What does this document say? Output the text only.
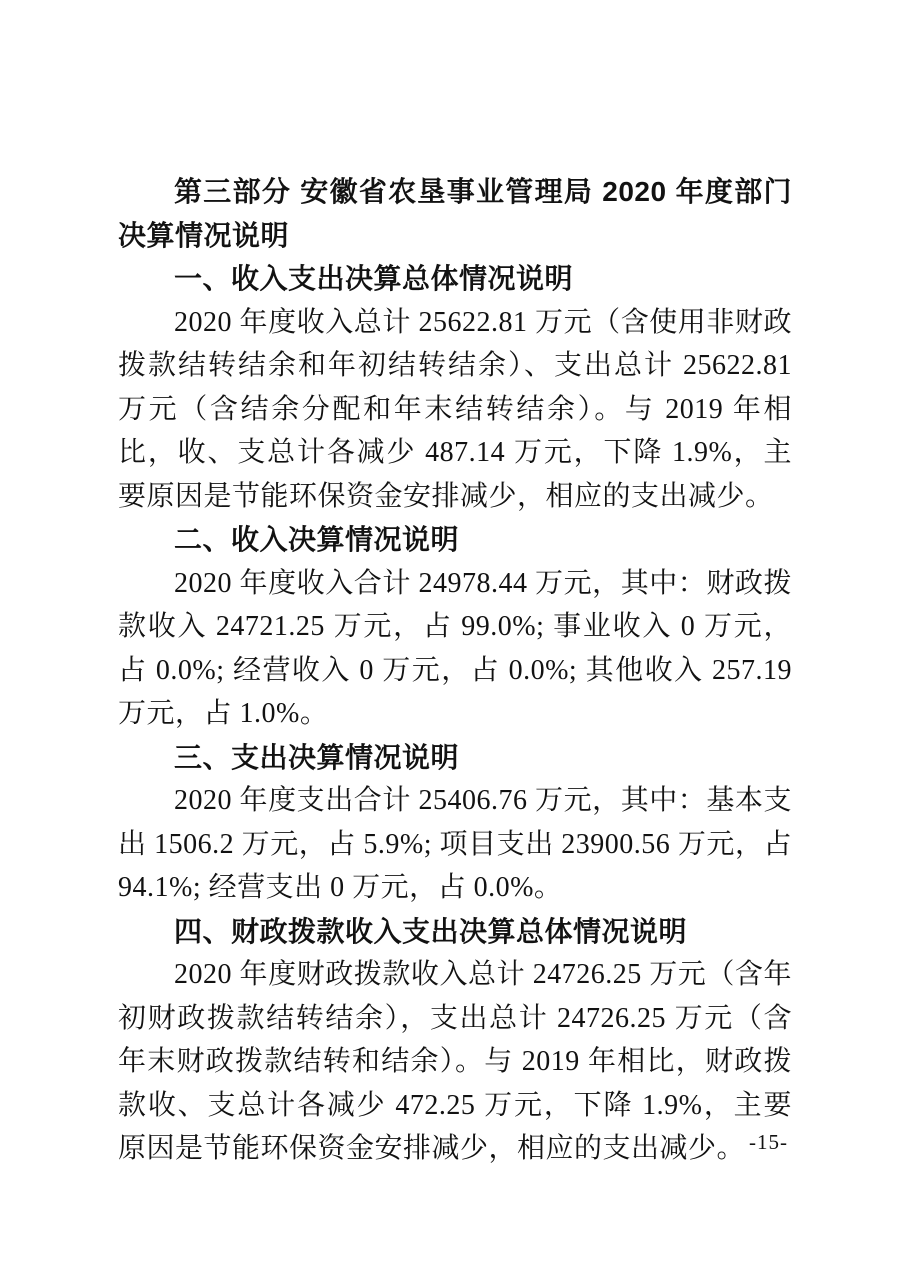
第三部分 安徽省农垦事业管理局 2020 年度部门决算情况说明

一、收入支出决算总体情况说明

2020 年度收入总计 25622.81 万元（含使用非财政拨款结转结余和年初结转结余）、支出总计 25622.81 万元（含结余分配和年末结转结余）。与 2019 年相比，收、支总计各减少 487.14 万元，下降 1.9%，主要原因是节能环保资金安排减少，相应的支出减少。

二、收入决算情况说明

2020 年度收入合计 24978.44 万元，其中：财政拨款收入 24721.25 万元，占 99.0%; 事业收入 0 万元，占 0.0%; 经营收入 0 万元，占 0.0%; 其他收入 257.19 万元，占 1.0%。

三、支出决算情况说明

2020 年度支出合计 25406.76 万元，其中：基本支出 1506.2 万元，占 5.9%; 项目支出 23900.56 万元，占 94.1%; 经营支出 0 万元，占 0.0%。

四、财政拨款收入支出决算总体情况说明

2020 年度财政拨款收入总计 24726.25 万元（含年初财政拨款结转结余），支出总计 24726.25 万元（含年末财政拨款结转和结余）。与 2019 年相比，财政拨款收、支总计各减少 472.25 万元，下降 1.9%，主要原因是节能环保资金安排减少，相应的支出减少。 -15-
